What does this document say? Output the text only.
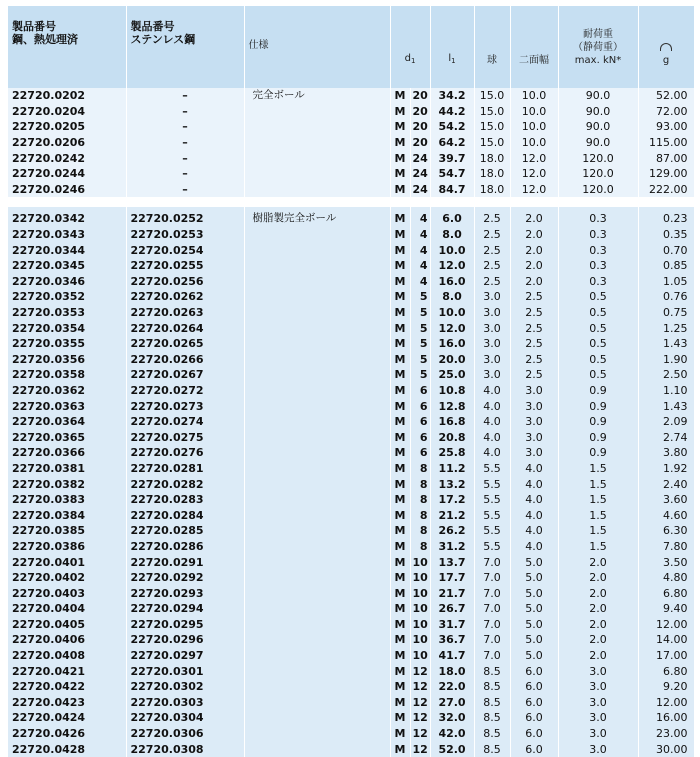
製品番号
鋼、熱処理済	製品番号
ステンレス鋼	仕様	$d_1$		$l_1$	球	二面幅	耐荷重
（静荷重）
max. kN*	g
22720.0202	–	完全ボール	M	20	34.2	15.0	10.0	90.0	52.00
22720.0204	–		M	20	44.2	15.0	10.0	90.0	72.00
22720.0205	–		M	20	54.2	15.0	10.0	90.0	93.00
22720.0206	–		M	20	64.2	15.0	10.0	90.0	115.00
22720.0242	–		M	24	39.7	18.0	12.0	120.0	87.00
22720.0244	–		M	24	54.7	18.0	12.0	120.0	129.00
22720.0246	–		M	24	84.7	18.0	12.0	120.0	222.00

22720.0342	22720.0252	樹脂製完全ボール	M	4	6.0	2.5	2.0	0.3	0.23
22720.0343	22720.0253		M	4	8.0	2.5	2.0	0.3	0.35
22720.0344	22720.0254		M	4	10.0	2.5	2.0	0.3	0.70
22720.0345	22720.0255		M	4	12.0	2.5	2.0	0.3	0.85
22720.0346	22720.0256		M	4	16.0	2.5	2.0	0.3	1.05
22720.0352	22720.0262		M	5	8.0	3.0	2.5	0.5	0.76
22720.0353	22720.0263		M	5	10.0	3.0	2.5	0.5	0.75
22720.0354	22720.0264		M	5	12.0	3.0	2.5	0.5	1.25
22720.0355	22720.0265		M	5	16.0	3.0	2.5	0.5	1.43
22720.0356	22720.0266		M	5	20.0	3.0	2.5	0.5	1.90
22720.0358	22720.0267		M	5	25.0	3.0	2.5	0.5	2.50
22720.0362	22720.0272		M	6	10.8	4.0	3.0	0.9	1.10
22720.0363	22720.0273		M	6	12.8	4.0	3.0	0.9	1.43
22720.0364	22720.0274		M	6	16.8	4.0	3.0	0.9	2.09
22720.0365	22720.0275		M	6	20.8	4.0	3.0	0.9	2.74
22720.0366	22720.0276		M	6	25.8	4.0	3.0	0.9	3.80
22720.0381	22720.0281		M	8	11.2	5.5	4.0	1.5	1.92
22720.0382	22720.0282		M	8	13.2	5.5	4.0	1.5	2.40
22720.0383	22720.0283		M	8	17.2	5.5	4.0	1.5	3.60
22720.0384	22720.0284		M	8	21.2	5.5	4.0	1.5	4.60
22720.0385	22720.0285		M	8	26.2	5.5	4.0	1.5	6.30
22720.0386	22720.0286		M	8	31.2	5.5	4.0	1.5	7.80
22720.0401	22720.0291		M	10	13.7	7.0	5.0	2.0	3.50
22720.0402	22720.0292		M	10	17.7	7.0	5.0	2.0	4.80
22720.0403	22720.0293		M	10	21.7	7.0	5.0	2.0	6.80
22720.0404	22720.0294		M	10	26.7	7.0	5.0	2.0	9.40
22720.0405	22720.0295		M	10	31.7	7.0	5.0	2.0	12.00
22720.0406	22720.0296		M	10	36.7	7.0	5.0	2.0	14.00
22720.0408	22720.0297		M	10	41.7	7.0	5.0	2.0	17.00
22720.0421	22720.0301		M	12	18.0	8.5	6.0	3.0	6.80
22720.0422	22720.0302		M	12	22.0	8.5	6.0	3.0	9.20
22720.0423	22720.0303		M	12	27.0	8.5	6.0	3.0	12.00
22720.0424	22720.0304		M	12	32.0	8.5	6.0	3.0	16.00
22720.0426	22720.0306		M	12	42.0	8.5	6.0	3.0	23.00
22720.0428	22720.0308		M	12	52.0	8.5	6.0	3.0	30.00
